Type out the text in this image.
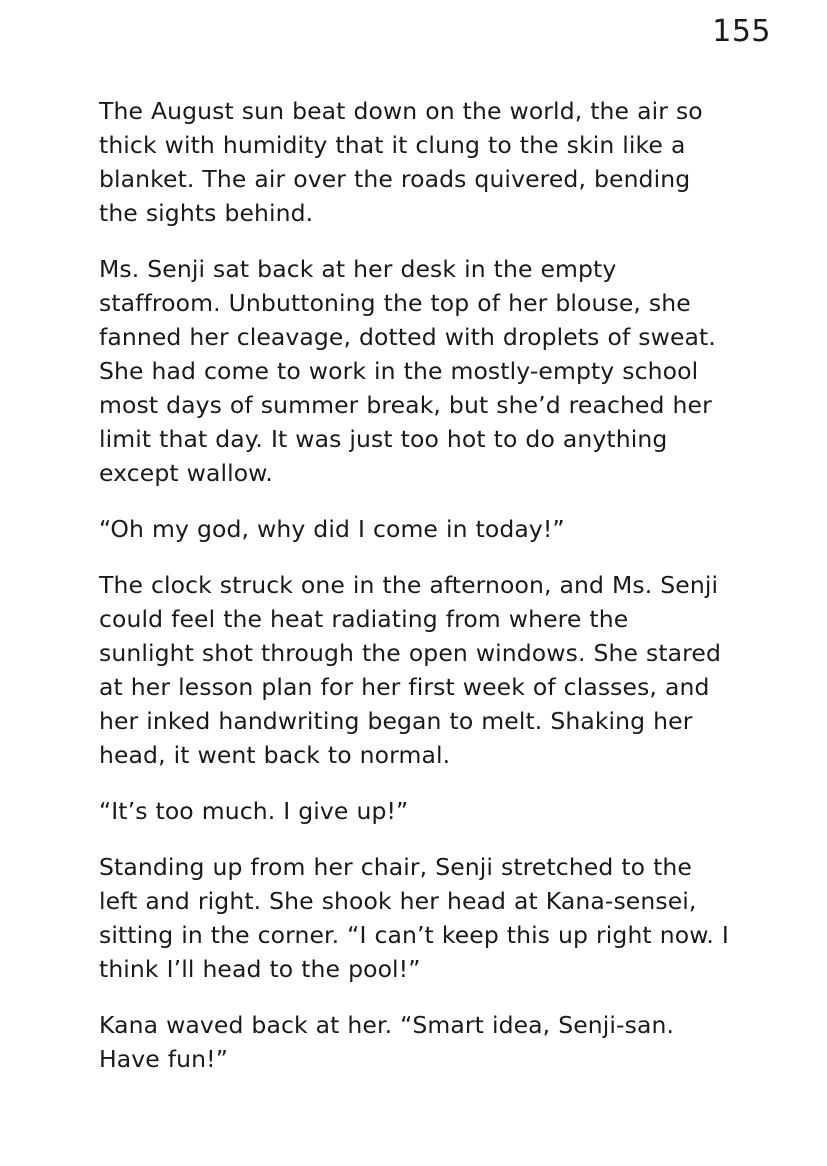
155

The August sun beat down on the world, the air so thick with humidity that it clung to the skin like a blanket. The air over the roads quivered, bending the sights behind.

Ms. Senji sat back at her desk in the empty staffroom. Unbuttoning the top of her blouse, she fanned her cleavage, dotted with droplets of sweat. She had come to work in the mostly-empty school most days of summer break, but she’d reached her limit that day. It was just too hot to do anything except wallow.

“Oh my god, why did I come in today!”

The clock struck one in the afternoon, and Ms. Senji could feel the heat radiating from where the sunlight shot through the open windows. She stared at her lesson plan for her first week of classes, and her inked handwriting began to melt. Shaking her head, it went back to normal.

“It’s too much. I give up!”

Standing up from her chair, Senji stretched to the left and right. She shook her head at Kana-sensei, sitting in the corner. “I can’t keep this up right now. I think I’ll head to the pool!”

Kana waved back at her. “Smart idea, Senji-san. Have fun!”
